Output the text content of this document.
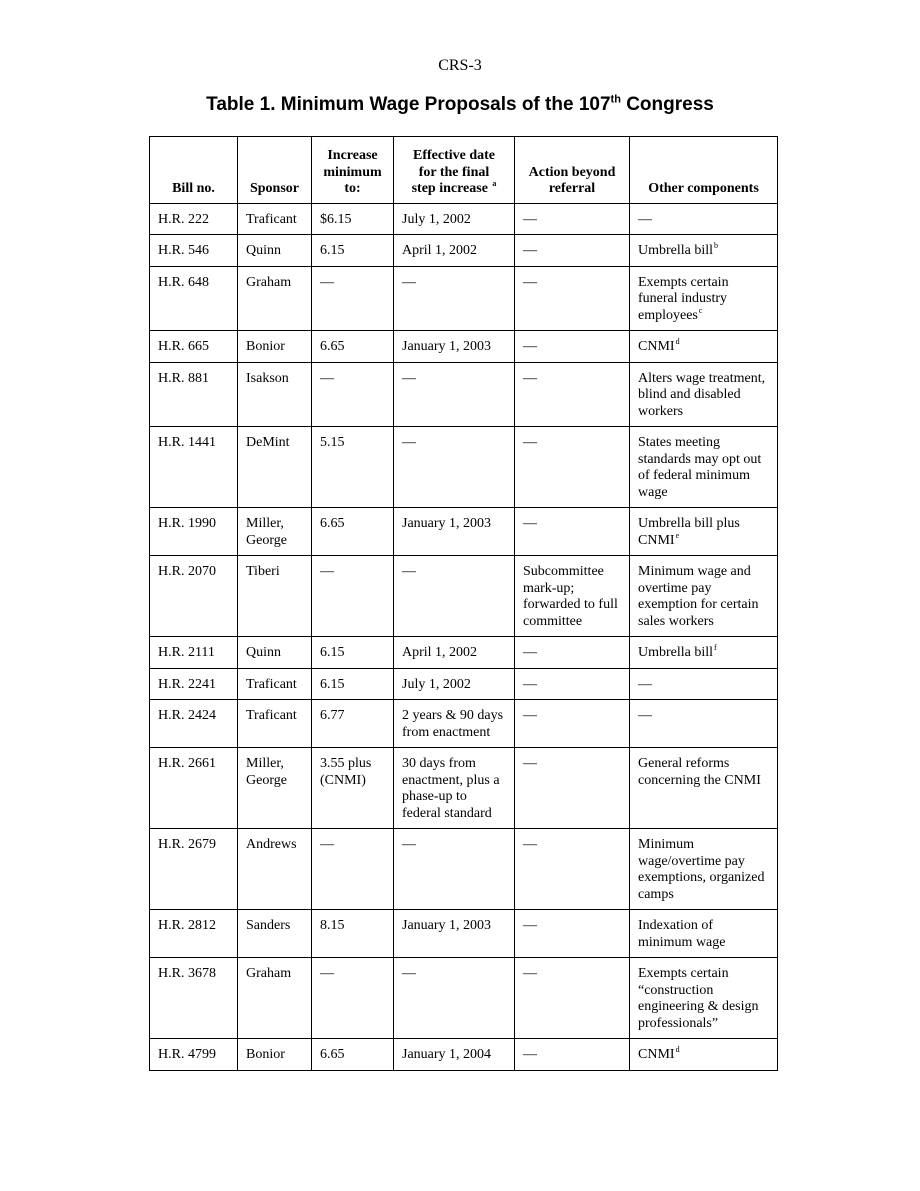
CRS-3
Table 1. Minimum Wage Proposals of the 107th Congress
Bill no.	Sponsor	Increase minimum to:	Effective date for the final step increase $^a$	Action beyond referral	Other components
H.R. 222	Traficant	$6.15	July 1, 2002	—	—
H.R. 546	Quinn	6.15	April 1, 2002	—	Umbrella bill$^b$
H.R. 648	Graham	—	—	—	Exempts certain funeral industry employees$^c$
H.R. 665	Bonior	6.65	January 1, 2003	—	CNMI$^d$
H.R. 881	Isakson	—	—	—	Alters wage treatment, blind and disabled workers
H.R. 1441	DeMint	5.15	—	—	States meeting standards may opt out of federal minimum wage
H.R. 1990	Miller, George	6.65	January 1, 2003	—	Umbrella bill plus CNMI$^e$
H.R. 2070	Tiberi	—	—	Subcommittee mark-up; forwarded to full committee	Minimum wage and overtime pay exemption for certain sales workers
H.R. 2111	Quinn	6.15	April 1, 2002	—	Umbrella bill$^f$
H.R. 2241	Traficant	6.15	July 1, 2002	—	—
H.R. 2424	Traficant	6.77	2 years & 90 days from enactment	—	—
H.R. 2661	Miller, George	3.55 plus (CNMI)	30 days from enactment, plus a phase-up to federal standard	—	General reforms concerning the CNMI
H.R. 2679	Andrews	—	—	—	Minimum wage/overtime pay exemptions, organized camps
H.R. 2812	Sanders	8.15	January 1, 2003	—	Indexation of minimum wage
H.R. 3678	Graham	—	—	—	Exempts certain “construction engineering & design professionals”
H.R. 4799	Bonior	6.65	January 1, 2004	—	CNMI$^d$
